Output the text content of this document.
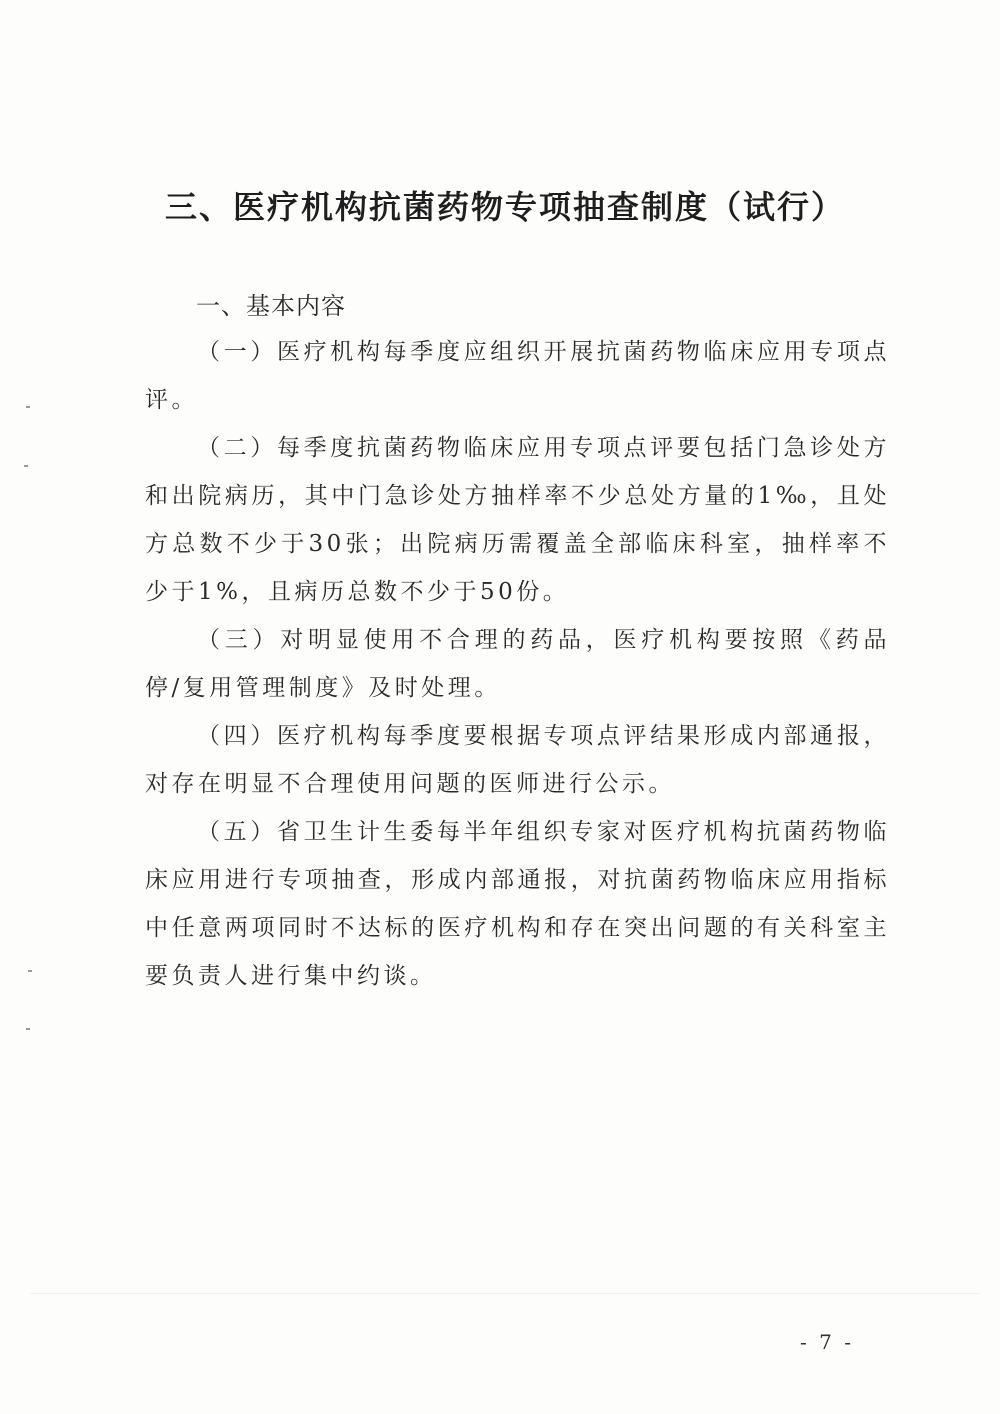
三、医疗机构抗菌药物专项抽查制度（试行）
一、基本内容

（一）医疗机构每季度应组织开展抗菌药物临床应用专项点评。

（二）每季度抗菌药物临床应用专项点评要包括门急诊处方和出院病历，其中门急诊处方抽样率不少总处方量的1‰，且处方总数不少于30张；出院病历需覆盖全部临床科室，抽样率不少于1%，且病历总数不少于50份。

（三）对明显使用不合理的药品，医疗机构要按照《药品停/复用管理制度》及时处理。

（四）医疗机构每季度要根据专项点评结果形成内部通报，对存在明显不合理使用问题的医师进行公示。

（五）省卫生计生委每半年组织专家对医疗机构抗菌药物临床应用进行专项抽查，形成内部通报，对抗菌药物临床应用指标中任意两项同时不达标的医疗机构和存在突出问题的有关科室主要负责人进行集中约谈。

- 7 -
